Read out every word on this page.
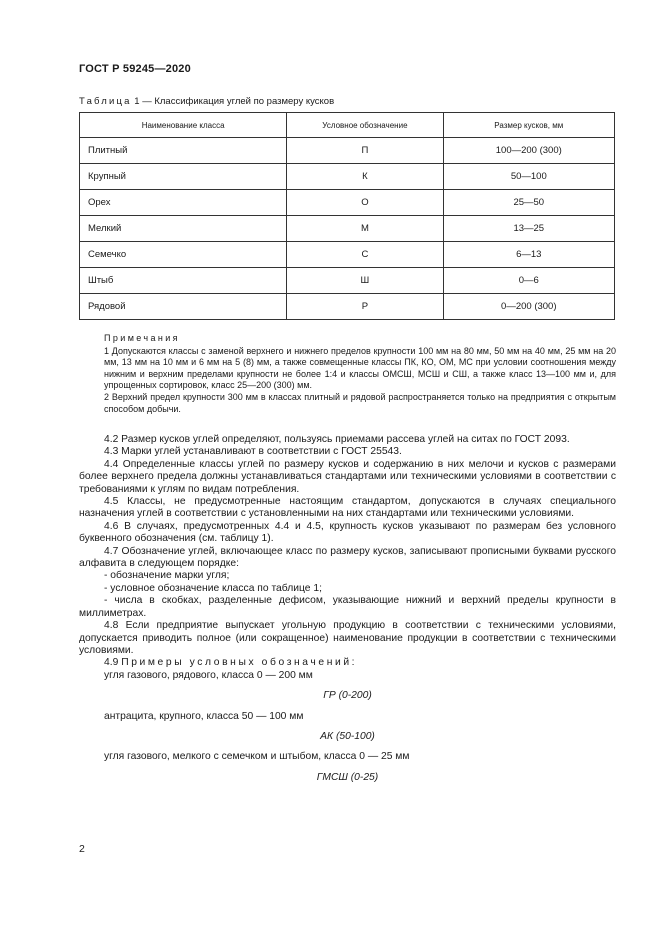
ГОСТ Р 59245—2020
Таблица 1 — Классификация углей по размеру кусков
Наименование класса	Условное обозначение	Размер кусков, мм
Плитный	П	100—200 (300)
Крупный	К	50—100
Орех	О	25—50
Мелкий	М	13—25
Семечко	С	6—13
Штыб	Ш	0—6
Рядовой	Р	0—200 (300)
Примечания

1 Допускаются классы с заменой верхнего и нижнего пределов крупности 100 мм на 80 мм, 50 мм на 40 мм, 25 мм на 20 мм, 13 мм на 10 мм и 6 мм на 5 (8) мм, а также совмещенные классы ПК, КО, ОМ, МС при условии соотношения между нижним и верхним пределами крупности не более 1:4 и классы ОМСШ, МСШ и СШ, а также класс 13—100 мм и, для упрощенных сортировок, класс 25—200 (300) мм.

2 Верхний предел крупности 300 мм в классах плитный и рядовой распространяется только на предприятия с открытым способом добычи.

4.2 Размер кусков углей определяют, пользуясь приемами рассева углей на ситах по ГОСТ 2093.

4.3 Марки углей устанавливают в соответствии с ГОСТ 25543.

4.4 Определенные классы углей по размеру кусков и содержанию в них мелочи и кусков с размерами более верхнего предела должны устанавливаться стандартами или техническими условиями в соответствии с требованиями к углям по видам потребления.

4.5 Классы, не предусмотренные настоящим стандартом, допускаются в случаях специального назначения углей в соответствии с установленными на них стандартами или техническими условиями.

4.6 В случаях, предусмотренных 4.4 и 4.5, крупность кусков указывают по размерам без условного буквенного обозначения (см. таблицу 1).

4.7 Обозначение углей, включающее класс по размеру кусков, записывают прописными буквами русского алфавита в следующем порядке:

- обозначение марки угля;

- условное обозначение класса по таблице 1;

- числа в скобках, разделенные дефисом, указывающие нижний и верхний пределы крупности в миллиметрах.

4.8 Если предприятие выпускает угольную продукцию в соответствии с техническими условиями, допускается приводить полное (или сокращенное) наименование продукции в соответствии с техническими условиями.

4.9 Примеры условных обозначений:

угля газового, рядового, класса 0 — 200 мм

ГР (0-200)

антрацита, крупного, класса 50 — 100 мм

АК (50-100)

угля газового, мелкого с семечком и штыбом, класса 0 — 25 мм

ГМСШ (0-25)

2
